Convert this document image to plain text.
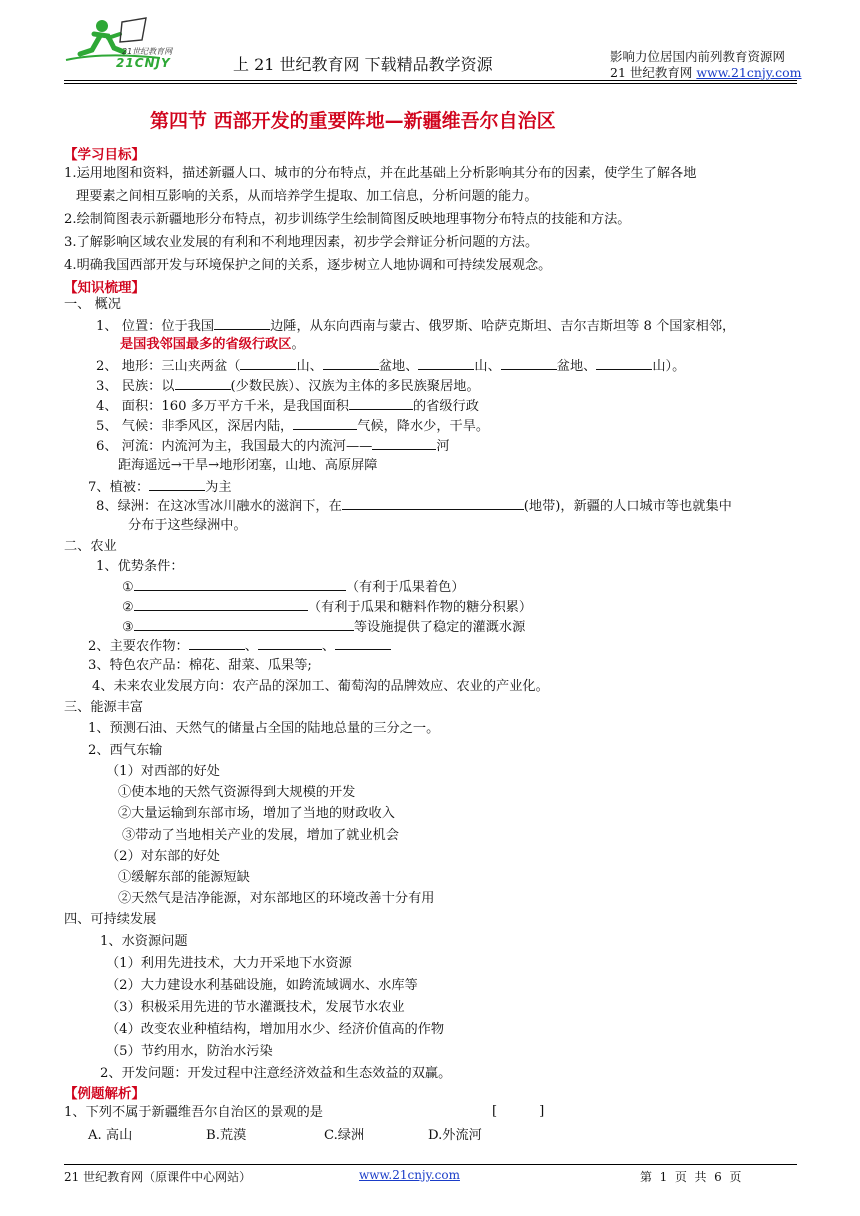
21世纪教育网
21CNJY	上 21 世纪教育网 下载精品教学资源	影响力位居国内前列教育资源网
21 世纪教育网 www.21cnjy.com
第四节 西部开发的重要阵地—新疆维吾尔自治区
【学习目标】
1.运用地图和资料，描述新疆人口、城市的分布特点，并在此基础上分析影响其分布的因素，使学生了解各地
理要素之间相互影响的关系，从而培养学生提取、加工信息，分析问题的能力。
2.绘制简图表示新疆地形分布特点，初步训练学生绘制简图反映地理事物分布特点的技能和方法。
3.了解影响区域农业发展的有利和不利地理因素，初步学会辩证分析问题的方法。
4.明确我国西部开发与环境保护之间的关系，逐步树立人地协调和可持续发展观念。
【知识梳理】
一、 概况
1、 位置：位于我国	边陲，从东向西南与蒙古、俄罗斯、哈萨克斯坦、吉尔吉斯坦等 8 个国家相邻，
是国我邻国最多的省级行政区。
2、 地形：三山夹两盆（	山、	盆地、	山、	盆地、	山）。
3、 民族：以	(少数民族）、汉族为主体的多民族聚居地。
4、 面积：160 多万平方千米，是我国面积	的省级行政
5、 气候：非季风区，深居内陆，	气候，降水少，干旱。
6、 河流：内流河为主，我国最大的内流河——	河
距海遥远→干旱→地形闭塞，山地、高原屏障
7、植被：	为主
8、绿洲：在这冰雪冰川融水的滋润下，在	(地带)，新疆的人口城市等也就集中
分布于这些绿洲中。
二、农业
1、优势条件：
①	（有利于瓜果着色）
②	（有利于瓜果和糖料作物的糖分积累）
③	等设施提供了稳定的灌溉水源
2、主要农作物：	、	、
3、特色农产品：棉花、甜菜、瓜果等;
4、未来农业发展方向：农产品的深加工、葡萄沟的品牌效应、农业的产业化。
三、能源丰富
1、预测石油、天然气的储量占全国的陆地总量的三分之一。
2、西气东输
（1）对西部的好处
①使本地的天然气资源得到大规模的开发
②大量运输到东部市场，增加了当地的财政收入
③带动了当地相关产业的发展，增加了就业机会
（2）对东部的好处
①缓解东部的能源短缺
②天然气是洁净能源，对东部地区的环境改善十分有用
四、可持续发展
1、水资源问题
（1）利用先进技术，大力开采地下水资源
（2）大力建设水利基础设施，如跨流域调水、水库等
（3）积极采用先进的节水灌溉技术，发展节水农业
（4）改变农业种植结构，增加用水少、经济价值高的作物
（5）节约用水，防治水污染
2、开发问题：开发过程中注意经济效益和生态效益的双赢。
【例题解析】
1、下列不属于新疆维吾尔自治区的景观的是	[          ]
A. 高山	B.荒漠	C.绿洲	D.外流河
21 世纪教育网（原课件中心网站）	www.21cnjy.com	第  1  页  共  6  页
